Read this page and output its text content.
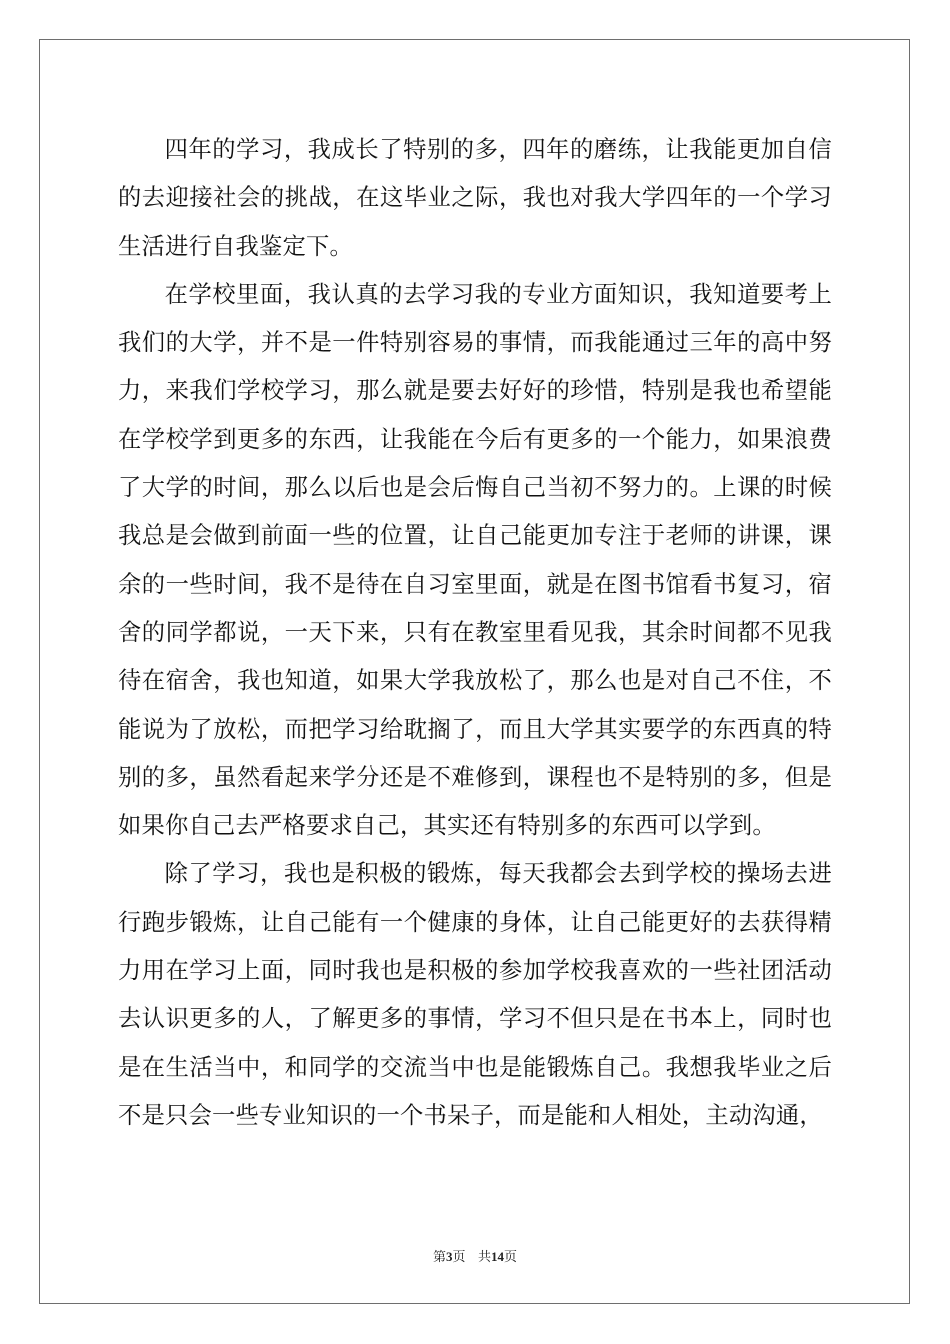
四年的学习，我成长了特别的多，四年的磨练，让我能更加自信的去迎接社会的挑战，在这毕业之际，我也对我大学四年的一个学习生活进行自我鉴定下。

在学校里面，我认真的去学习我的专业方面知识，我知道要考上我们的大学，并不是一件特别容易的事情，而我能通过三年的高中努力，来我们学校学习，那么就是要去好好的珍惜，特别是我也希望能在学校学到更多的东西，让我能在今后有更多的一个能力，如果浪费了大学的时间，那么以后也是会后悔自己当初不努力的。上课的时候我总是会做到前面一些的位置，让自己能更加专注于老师的讲课，课余的一些时间，我不是待在自习室里面，就是在图书馆看书复习，宿舍的同学都说，一天下来，只有在教室里看见我，其余时间都不见我待在宿舍，我也知道，如果大学我放松了，那么也是对自己不住，不能说为了放松，而把学习给耽搁了，而且大学其实要学的东西真的特别的多，虽然看起来学分还是不难修到，课程也不是特别的多，但是如果你自己去严格要求自己，其实还有特别多的东西可以学到。

除了学习，我也是积极的锻炼，每天我都会去到学校的操场去进行跑步锻炼，让自己能有一个健康的身体，让自己能更好的去获得精力用在学习上面，同时我也是积极的参加学校我喜欢的一些社团活动去认识更多的人，了解更多的事情，学习不但只是在书本上，同时也是在生活当中，和同学的交流当中也是能锻炼自己。我想我毕业之后不是只会一些专业知识的一个书呆子，而是能和人相处，主动沟通，

第3页 共14页
